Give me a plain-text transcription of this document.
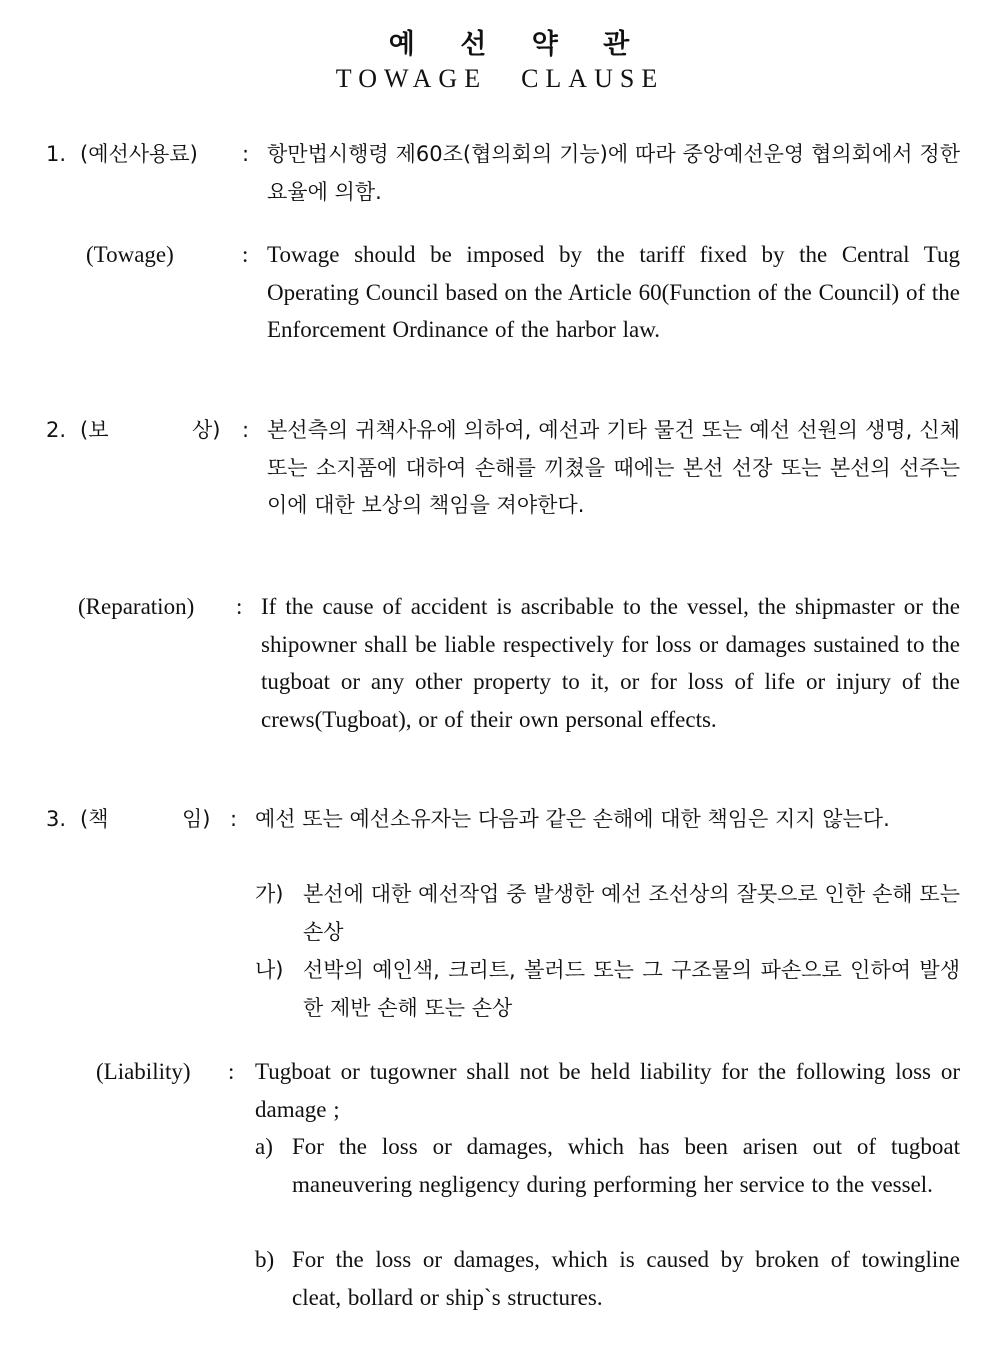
예 선 약 관
TOWAGE CLAUSE
1. (예선사용료) : 항만법시행령 제60조(협의회의 기능)에 따라 중앙예선운영 협의회에서 정한 요율에 의함.
(Towage)	: Towage should be imposed by the tariff fixed by the Central Tug Operating Council based on the Article 60(Function of the Council) of the Enforcement Ordinance of the harbor law.
2. (보	상) : 본선측의 귀책사유에 의하여, 예선과 기타 물건 또는 예선 선원의 생명, 신체 또는 소지품에 대하여 손해를 끼쳤을 때에는 본선 선장 또는 본선의 선주는 이에 대한 보상의 책임을 져야한다.
(Reparation) : If the cause of accident is ascribable to the vessel, the shipmaster or the shipowner shall be liable respectively for loss or damages sustained to the tugboat or any other property to it, or for loss of life or injury of the crews(Tugboat), or of their own personal effects.
3. (책	임) : 예선 또는 예선소유자는 다음과 같은 손해에 대한 책임은 지지 않는다.
가) 본선에 대한 예선작업 중 발생한 예선 조선상의 잘못으로 인한 손해 또는 손상
나) 선박의 예인색, 크리트, 볼러드 또는 그 구조물의 파손으로 인하여 발생한 제반 손해 또는 손상
(Liability) : Tugboat or tugowner shall not be held liability for the following loss or damage ;
a) For the loss or damages, which has been arisen out of tugboat maneuvering negligency during performing her service to the vessel.
b) For the loss or damages, which is caused by broken of towingline cleat, bollard or ship`s structures.
